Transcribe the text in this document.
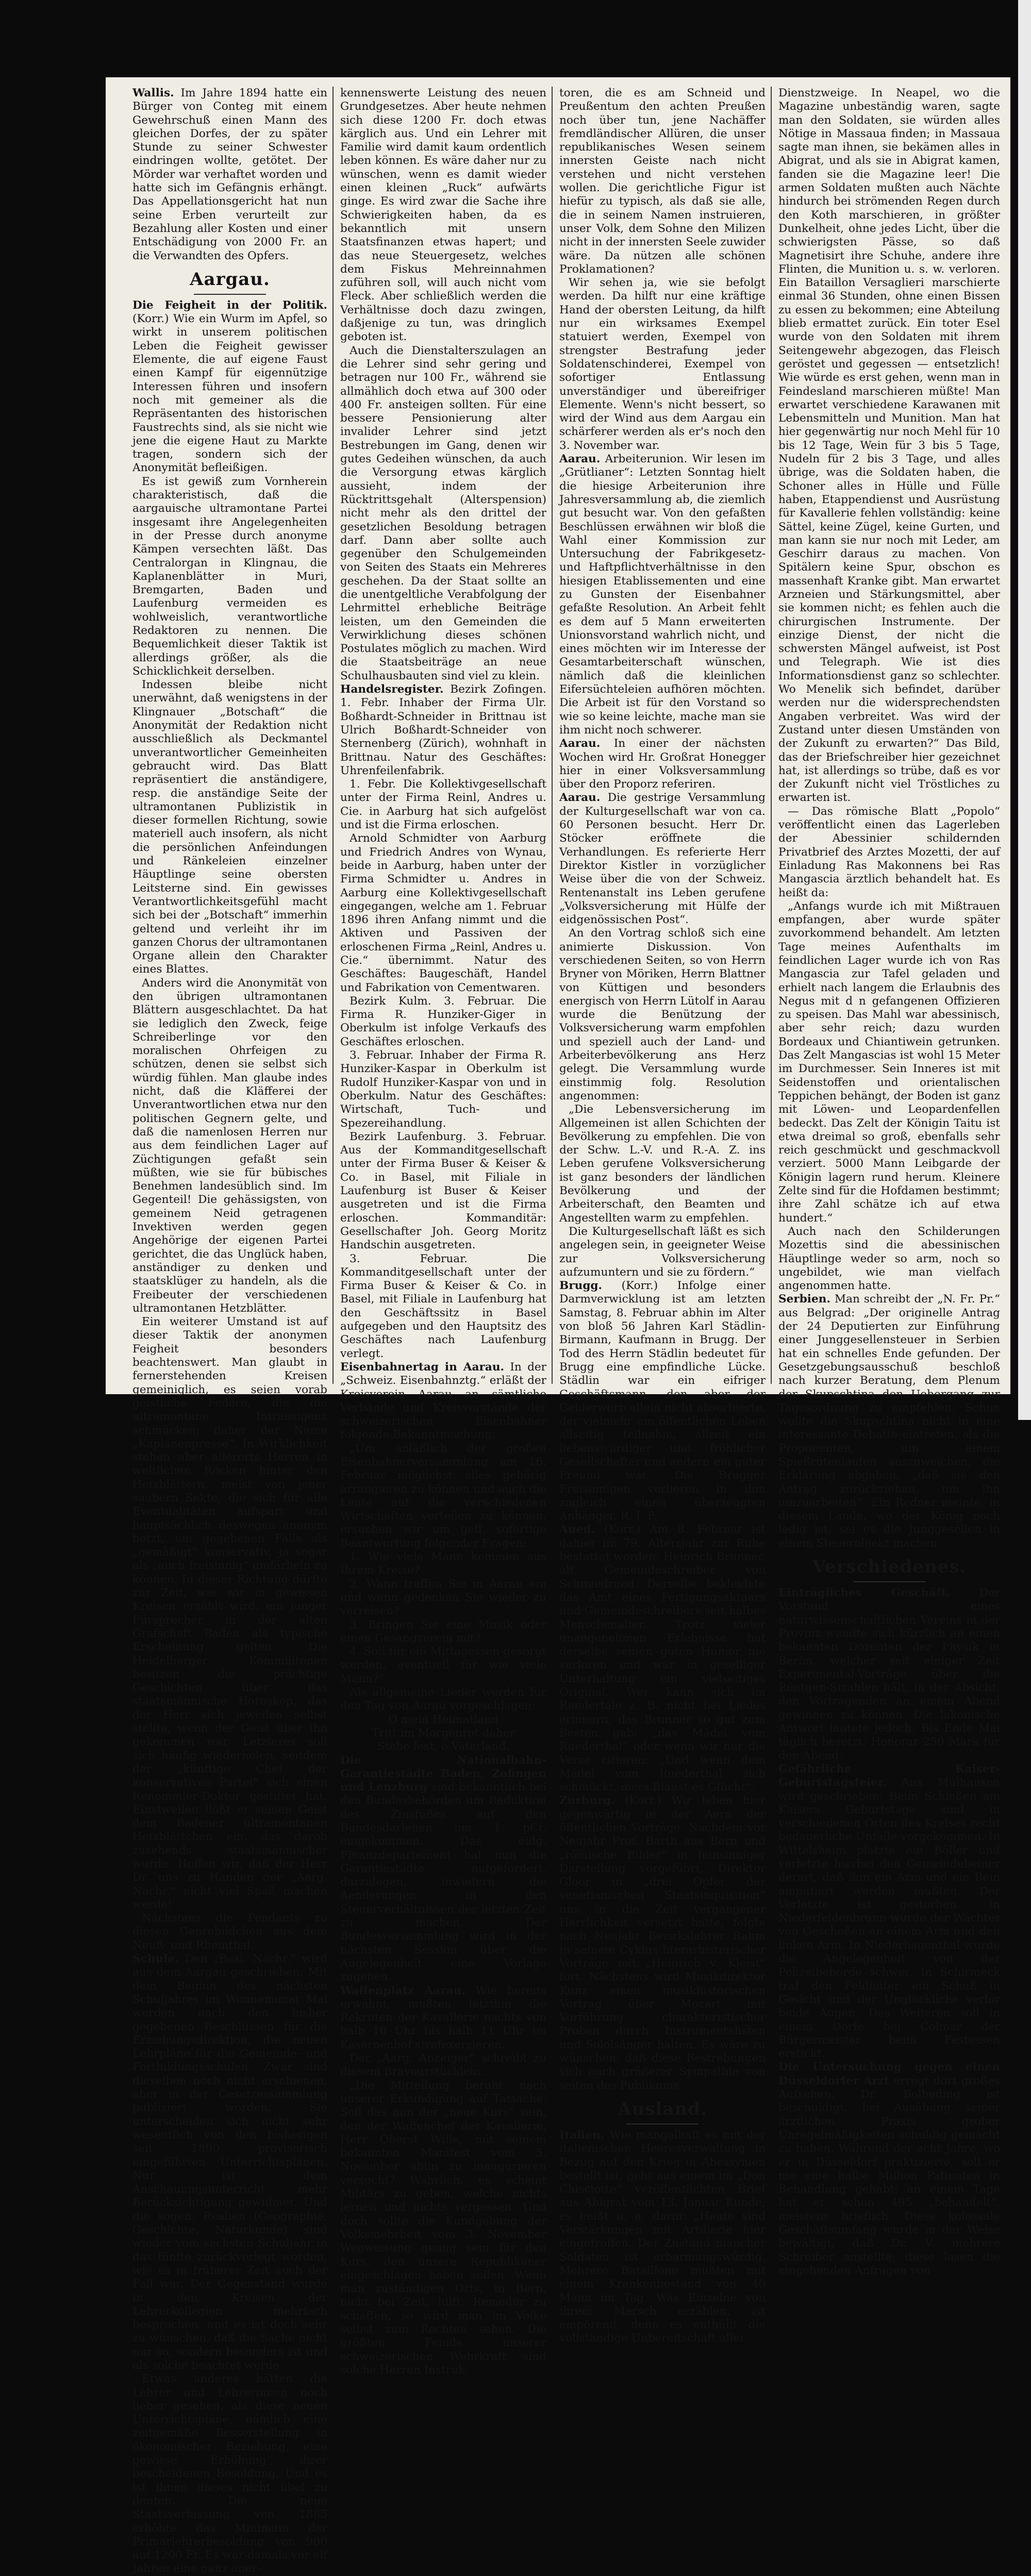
Wallis. Im Jahre 1894 hatte ein Bürger von Conteg mit einem Gewehrschuß einen Mann des gleichen Dorfes, der zu später Stunde zu seiner Schwester eindringen wollte, getötet. Der Mörder war verhaftet worden und hatte sich im Gefängnis erhängt. Das Appellationsgericht hat nun seine Erben verurteilt zur Bezahlung aller Kosten und einer Entschädigung von 2000 Fr. an die Verwandten des Opfers.

Aargau.

Die Feigheit in der Politik. (Korr.) Wie ein Wurm im Apfel, so wirkt in unserem politischen Leben die Feigheit gewisser Elemente, die auf eigene Faust einen Kampf für eigennützige Interessen führen und insofern noch mit gemeiner als die Repräsentanten des historischen Faustrechts sind, als sie nicht wie jene die eigene Haut zu Markte tragen, sondern sich der Anonymität befleißigen.

Es ist gewiß zum Vornherein charakteristisch, daß die aargauische ultramontane Partei insgesamt ihre Angelegenheiten in der Presse durch anonyme Kämpen versechten läßt. Das Centralorgan in Klingnau, die Kaplanenblätter in Muri, Bremgarten, Baden und Laufenburg vermeiden es wohlweislich, verantwortliche Redaktoren zu nennen. Die Bequemlichkeit dieser Taktik ist allerdings größer, als die Schicklichkeit derselben.

Indessen bleibe nicht unerwähnt, daß wenigstens in der Klingnauer „Botschaft“ die Anonymität der Redaktion nicht ausschließlich als Deckmantel unverantwortlicher Gemeinheiten gebraucht wird. Das Blatt repräsentiert die anständigere, resp. die anständige Seite der ultramontanen Publizistik in dieser formellen Richtung, sowie materiell auch insofern, als nicht die persönlichen Anfeindungen und Ränkeleien einzelner Häuptlinge seine obersten Leitsterne sind. Ein gewisses Verantwortlichkeitsgefühl macht sich bei der „Botschaft“ immerhin geltend und verleiht ihr im ganzen Chorus der ultramontanen Organe allein den Charakter eines Blattes.

Anders wird die Anonymität von den übrigen ultramontanen Blättern ausgeschlachtet. Da hat sie lediglich den Zweck, feige Schreiberlinge vor den moralischen Ohrfeigen zu schützen, denen sie selbst sich würdig fühlen. Man glaube indes nicht, daß die Kläfferei der Unverantwortlichen etwa nur den politischen Gegnern gelte, und daß die namenlosen Herren nur aus dem feindlichen Lager auf Züchtigungen gefaßt sein müßten, wie sie für bübisches Benehmen landesüblich sind. Im Gegenteil! Die gehässigsten, von gemeinem Neid getragenen Invektiven werden gegen Angehörige der eigenen Partei gerichtet, die das Unglück haben, anständiger zu denken und staatsklüger zu handeln, als die Freibeuter der verschiedenen ultramontanen Hetzblätter.

Ein weiterer Umstand ist auf dieser Taktik der anonymen Feigheit besonders beachtenswert. Man glaubt in fernerstehenden Kreisen gemeiniglich, es seien vorab geistliche Federn, die die ultramontane Intransigenz schmücken; daher der Name „Kaplanenpresse“. In Wirklichkeit stehen aber allerorts Herren in weltlichen Röcken hinter den Hetzblättern, meist von jener saubern Sekte, die sich für alle Eventualitäten aufspart und hauptsächlich deswegen anonym hetzt, um gegebenen Falls als „gemäßigt“ konservativ, ja sogar als „auch freisinnig“ umfärbeln zu können. In dieser Richtung dürfte zur Zeit, wie wir in gewissen Kreisen erzählt wird, ein junger Fürsprecher in der alten Grafschaft Baden als typische Erscheinung gelten. Die Heidelberger Kommilitonen besitzen die prächtige Geschichten über das staatsmännische Horoskop, das der Herr sich jeweilen selbst stellte, wenn der Geist über ihn gekommen war. Letzteres soll sich häufig wiederholen, seitdem der „künftige Chef der konservativen Partei“ sich einen Renommier-Doktor gestiftet hat. Einstweilen flößt er seinen Geist dem Badener ultramontanen Hetzblättchen ein, das darob zusehends staatsmännischer wurde. Hoffen wir, daß der Herr Dr. uns zu Handen der „Aarg. Nachr.“ nicht viel Spaß machen werde!

Nächstens die Pendants zu diesen Genrebildchen aus dem Neuß- und Rheinthal.

Schule. Den „Basl. Nachr.“ wird aus dem Aargau geschrieben: Mit dem Beginn des nächsten Schuljahres im Wonnemonat Mai werden nach den bisher gegebenen Beschlüssen für die Erziehungsdirektion, die neuen Lehrpläne für die Gemeinde- und Fortbildungsschulen. Zwar sind dieselben noch nicht erschienen, aber in der Gesetzessammlung publiziert worden. Sie unterscheiden sich nicht sehr wesentlich von den bisherigen seit 1890 provisorisch eingeführten Unterrichtsplänen. Nur ist dem Anschauungsunterricht mehr Berücksichtigung gewidmet. Und die sogen. Realien (Geographie, Geschichte, Naturkunde) sind wieder vom sechsten Schuljahr in das fünfte zurückverlegt worden, wie es in früherer Zeit auch der Fall war. Der Gegenstand wurde in den Kreisen der Lehrerkollegien mehrfach besprochen, und es ist doch sehr zu wünschen, daß die Sache nicht nur so, sondern besonders ist und als solche beachtet werde.

Etwas anderes hätten die Lehrer und Lehrerinnen noch lieber gesehen, als diese neuen Unterrichtspläne, nämlich eine zeitgemäße Besserstellung in ökonomischer Beziehung, eine gewisse Erhöhung ihrer bescheidenen Besoldung. Und es ist ihnen dieses nicht übel zu deuten. Die neue Staatsverfassung von 1885 erhöhte das Minimum der Primarlehrerbesoldung von 900 auf 1200 Fr. Es war damals vor elf Jahren eine ganz aner-

kennenswerte Leistung des neuen Grundgesetzes. Aber heute nehmen sich diese 1200 Fr. doch etwas kärglich aus. Und ein Lehrer mit Familie wird damit kaum ordentlich leben können. Es wäre daher nur zu wünschen, wenn es damit wieder einen kleinen „Ruck“ aufwärts ginge. Es wird zwar die Sache ihre Schwierigkeiten haben, da es bekanntlich mit unsern Staatsfinanzen etwas hapert; und das neue Steuergesetz, welches dem Fiskus Mehreinnahmen zuführen soll, will auch nicht vom Fleck. Aber schließlich werden die Verhältnisse doch dazu zwingen, daßjenige zu tun, was dringlich geboten ist.

Auch die Dienstalterszulagen an die Lehrer sind sehr gering und betragen nur 100 Fr., während sie allmählich doch etwa auf 300 oder 400 Fr. ansteigen sollten. Für eine bessere Pensionierung alter invalider Lehrer sind jetzt Bestrebungen im Gang, denen wir gutes Gedeihen wünschen, da auch die Versorgung etwas kärglich aussieht, indem der Rücktrittsgehalt (Alterspension) nicht mehr als den drittel der gesetzlichen Besoldung betragen darf. Dann aber sollte auch gegenüber den Schulgemeinden von Seiten des Staats ein Mehreres geschehen. Da der Staat sollte an die unentgeltliche Verabfolgung der Lehrmittel erhebliche Beiträge leisten, um den Gemeinden die Verwirklichung dieses schönen Postulates möglich zu machen. Wird die Staatsbeiträge an neue Schulhausbauten sind viel zu klein.

Handelsregister. Bezirk Zofingen. 1. Febr. Inhaber der Firma Ulr. Boßhardt-Schneider in Brittnau ist Ulrich Boßhardt-Schneider von Sternenberg (Zürich), wohnhaft in Brittnau. Natur des Geschäftes: Uhrenfeilenfabrik.

1. Febr. Die Kollektivgesellschaft unter der Firma Reinl, Andres u. Cie. in Aarburg hat sich aufgelöst und ist die Firma erloschen.

Arnold Schmidter von Aarburg und Friedrich Andres von Wynau, beide in Aarburg, haben unter der Firma Schmidter u. Andres in Aarburg eine Kollektivgesellschaft eingegangen, welche am 1. Februar 1896 ihren Anfang nimmt und die Aktiven und Passiven der erloschenen Firma „Reinl, Andres u. Cie.“ übernimmt. Natur des Geschäftes: Baugeschäft, Handel und Fabrikation von Cementwaren.

Bezirk Kulm. 3. Februar. Die Firma R. Hunziker-Giger in Oberkulm ist infolge Verkaufs des Geschäftes erloschen.

3. Februar. Inhaber der Firma R. Hunziker-Kaspar in Oberkulm ist Rudolf Hunziker-Kaspar von und in Oberkulm. Natur des Geschäftes: Wirtschaft, Tuch- und Spezereihandlung.

Bezirk Laufenburg. 3. Februar. Aus der Kommanditgesellschaft unter der Firma Buser & Keiser & Co. in Basel, mit Filiale in Laufenburg ist Buser & Keiser ausgetreten und ist die Firma erloschen. Kommanditär: Gesellschafter Joh. Georg Moritz Handschin ausgetreten.

3. Februar. Die Kommanditgesellschaft unter der Firma Buser & Keiser & Co. in Basel, mit Filiale in Laufenburg hat den Geschäftssitz in Basel aufgegeben und den Hauptsitz des Geschäftes nach Laufenburg verlegt.

Eisenbahnertag in Aarau. In der „Schweiz. Eisenbahnztg.“ erläßt der Kreisverein Aarau an sämtliche Verbände und Kreisvorstände der schweizerischen Eisenbahner folgende Bekanntmachung:

„Um anläßlich der großen Eisenbahnerversammlung am 16. Februar möglichst alles gehörig arrangieren zu können und auch die Leute auf die verschiedenen Wirtschaften verteilen zu können, ersuchen wir um gefl. sofortige Beantwortung folgender Fragen:

1. Wie viele Mann kommen aus Ihrem Kreise?

2. Wann treffen Sie in Aarau ein und wann gedenken Sie wieder zu verreisen?

3. Bringen Sie eine Musik oder einen Gesangverein mit?

4. Soll für ein Mittagessen gesorgt werden, eventuell für wie viele Mann?“

Als allgemeine Lieder werden für den Tag von Aarau vorgeschlagen:

O mein Heimatland

Tritt im Morgenrot daher

Stehe fest, o Vaterland.

Die Nationalbahn-Garantiestädte Baden, Zofingen und Lenzburg sind bekanntlich bei den Bundesbehörden um Reduktion des Zinsfußes auf den Bundesdarlehen um 1 pCt. eingekommen. Das eidg. Finanzdepartement hat nun die Garantiestädte aufgefordert, darzulegen, inwiefern die Aenderungen in den Steuerverhältnissen der letzten Zeit zu machen. Der Bundesversammlung wird in der nächsten Session über die Angelegenheit eine Vorlage zugehen.

Waffenplatz Aarau. Wie bereits erwähnt, mußten letzthin die Rekruten der Kavallerie nachts von halb 10 Uhr bis halb 11 Uhr im Kasernenhof strafexerzieren.

Der „Aarg. Anzeiger“ schreibt zu diesem Bravourstücklein:

„Die Mitteilung beruht nach unserer Erkundigung auf Tatsache. Soll das nun der „neue Kurs“ sein, den der Waffenchef der Kavallerie, Herr Oberst Wille, mit seinem bekannten Manifest vom 5. November ablin zu inaugurieren versucht? Wahrlich, es scheint Militärs zu geben, welche nichts lernen und nichts vergessen. Und doch sollte die Kundgebung der Volksmehrheit vom 3. November Wegweisung genug sein für den Kurs, den unsere Republikaner eingeschlagen haben sollen. Wenn man zuständigen Orts, in Bern, nicht bei Zeit, hilft, Remedur zu schaffen, so wird man im Volke selbst zum Rechten sehen. Die größten Feinde unserer schweizerischen Wehrkraft sind solche Herren Instruk-

toren, die es am Schneid und Preußentum den achten Preußen noch über tun, jene Nachäffer fremdländischer Allüren, die unser republikanisches Wesen seinem innersten Geiste nach nicht verstehen und nicht verstehen wollen. Die gerichtliche Figur ist hiefür zu typisch, als daß sie alle, die in seinem Namen instruieren, unser Volk, dem Sohne den Milizen nicht in der innersten Seele zuwider wäre. Da nützen alle schönen Proklamationen?

Wir sehen ja, wie sie befolgt werden. Da hilft nur eine kräftige Hand der obersten Leitung, da hilft nur ein wirksames Exempel statuiert werden, Exempel von strengster Bestrafung jeder Soldatenschinderei, Exempel von sofortiger Entlassung unverständiger und übereifriger Elemente. Wenn's nicht bessert, so wird der Wind aus dem Aargau ein schärferer werden als er's noch den 3. November war.

Aarau. Arbeiterunion. Wir lesen im „Grütlianer“: Letzten Sonntag hielt die hiesige Arbeiterunion ihre Jahresversammlung ab, die ziemlich gut besucht war. Von den gefaßten Beschlüssen erwähnen wir bloß die Wahl einer Kommission zur Untersuchung der Fabrikgesetz- und Haftpflichtverhältnisse in den hiesigen Etablissementen und eine zu Gunsten der Eisenbahner gefaßte Resolution. An Arbeit fehlt es dem auf 5 Mann erweiterten Unionsvorstand wahrlich nicht, und eines möchten wir im Interesse der Gesamtarbeiterschaft wünschen, nämlich daß die kleinlichen Eifersüchteleien aufhören möchten. Die Arbeit ist für den Vorstand so wie so keine leichte, mache man sie ihm nicht noch schwerer.

Aarau. In einer der nächsten Wochen wird Hr. Großrat Honegger hier in einer Volksversammlung über den Proporz referiren.

Aarau. Die gestrige Versammlung der Kulturgesellschaft war von ca. 60 Personen besucht. Herr Dr. Stöcker eröffnete die Verhandlungen. Es referierte Herr Direktor Kistler in vorzüglicher Weise über die von der Schweiz. Rentenanstalt ins Leben gerufene „Volksversicherung mit Hülfe der eidgenössischen Post“.

An den Vortrag schloß sich eine animierte Diskussion. Von verschiedenen Seiten, so von Herrn Bryner von Möriken, Herrn Blattner von Küttigen und besonders energisch von Herrn Lütolf in Aarau wurde die Benützung der Volksversicherung warm empfohlen und speziell auch der Land- und Arbeiterbevölkerung ans Herz gelegt. Die Versammlung wurde einstimmig folg. Resolution angenommen:

„Die Lebensversicherung im Allgemeinen ist allen Schichten der Bevölkerung zu empfehlen. Die von der Schw. L.-V. und R.-A. Z. ins Leben gerufene Volksversicherung ist ganz besonders der ländlichen Bevölkerung und der Arbeiterschaft, den Beamten und Angestellten warm zu empfehlen.

Die Kulturgesellschaft läßt es sich angelegen sein, in geeigneter Weise zur Volksversicherung aufzumuntern und sie zu fördern.“

Brugg. (Korr.) Infolge einer Darmverwicklung ist am letzten Samstag, 8. Februar abhin im Alter von bloß 56 Jahren Karl Städlin-Birmann, Kaufmann in Brugg. Der Tod des Herrn Städlin bedeutet für Brugg eine empfindliche Lücke. Städlin war ein eifriger Geschäftsmann, den aber der Gelderwerb allein nicht absorbierte, der vielmehr am öffentlichen Leben allseitig teilnahm, allzeit ein liebenswürdiger und fröhlicher Gesellschafter und andern ein guter Freund war. Die Brugger Freisinnigen verlieren in ihm zugleich einen überzeugten Anhänger. R. I. P.

Aued. (Korr.) Am 8. Februar ist dahier im 79. Altersjahr zur Ruhe bestattet worden: Heinrich Brunner, alt Gemeindeschreiber von Schmiedrued. Derselbe bekleidete das Amt eines Fertigungsaktuars und Gemeindeschreibers seit halbes Menschenalter. Trotz vieler unangenehmen Erlebnisse hat derselbe seinen guten Humor nie verloren und war in geselliger Unterhaltung ein vielseitiges Original. Wer kann sich im Ruedertale z. B. nicht bei Liedes erinnern, das Brunner so gut zum Besten gab: „das Mädel vom Ruederthal“ oder wenn wir nur die Verse citieren: „Und wenn dein Mädel vom Ruederthal sich schmückt, mers Blaust es Gfücht“.

Zurburg. (Korr.) Wir leben hier gegenwärtig in der Aera der öffentlichen Vorträge. Nachdem vor Neujahr Prof. Barth aus Bern und „römische Bilder“ in feinsinniger Darstellung vorgeführt, Direktor Gloor in „drei Opfer der venetianischen Staatsinquisition“ uns in die Zeit vergangener Herrlichkeit versetzt hatte, folgte nach Neujahr Bezirkslehrer Rahm in seinem Cyklus literarhistorischer Vorträge mit „Heinrich v. Kleist“ fort. Nächstens wird Musikdirektor Kunz einen musikhistorischen Vortrag über Mozart mit Vorführung charakteristischer Proben durch Instrumentalisten und Sololsänger halten. Es wäre zu wünschen, daß diese Bestrebungen sich auch größerer Sympathie von seiten des Publikums.

Ausland.

Italien. Wie mangelhaft es mit der italienischen Heeresverwaltung in Bezug auf den Krieg in Abessynien bestellt ist, geht aus einem im „Don Chisciotte“ veröffentlichten Brief aus Abigrat vom 13. Januar Kunde; es heißt u. a. darin: „Heute sind Verstärkungen mit Artillerie hier eingetroffen. Der Zustand mancher Soldaten ist erbarmungswürdig. Mehrere Bataillone mußten mit einem Krankenbestand von 40 Mann im Tag. Was Einzelne von ihrem Marsch erzählen, ist empörend, denn es enthüllt die vollständige Unbereitschaft aller

Dienstzweige. In Neapel, wo die Magazine unbeständig waren, sagte man den Soldaten, sie würden alles Nötige in Massaua finden; in Massaua sagte man ihnen, sie bekämen alles in Abigrat, und als sie in Abigrat kamen, fanden sie die Magazine leer! Die armen Soldaten mußten auch Nächte hindurch bei strömenden Regen durch den Koth marschieren, in größter Dunkelheit, ohne jedes Licht, über die schwierigsten Pässe, so daß Magnetisirt ihre Schuhe, andere ihre Flinten, die Munition u. s. w. verloren. Ein Bataillon Versaglieri marschierte einmal 36 Stunden, ohne einen Bissen zu essen zu bekommen; eine Abteilung blieb ermattet zurück. Ein toter Esel wurde von den Soldaten mit ihrem Seitengewehr abgezogen, das Fleisch geröstet und gegessen — entsetzlich! Wie würde es erst gehen, wenn man in Feindesland marschieren müßte! Man erwartet verschiedene Karawanen mit Lebensmitteln und Munition. Man hat hier gegenwärtig nur noch Mehl für 10 bis 12 Tage, Wein für 3 bis 5 Tage, Nudeln für 2 bis 3 Tage, und alles übrige, was die Soldaten haben, die Schoner alles in Hülle und Fülle haben, Etappendienst und Ausrüstung für Kavallerie fehlen vollständig: keine Sättel, keine Zügel, keine Gurten, und man kann sie nur noch mit Leder, am Geschirr daraus zu machen. Von Spitälern keine Spur, obschon es massenhaft Kranke gibt. Man erwartet Arzneien und Stärkungsmittel, aber sie kommen nicht; es fehlen auch die chirurgischen Instrumente. Der einzige Dienst, der nicht die schwersten Mängel aufweist, ist Post und Telegraph. Wie ist dies Informationsdienst ganz so schlechter. Wo Menelik sich befindet, darüber werden nur die widersprechendsten Angaben verbreitet. Was wird der Zustand unter diesen Umständen von der Zukunft zu erwarten?“ Das Bild, das der Briefschreiber hier gezeichnet hat, ist allerdings so trübe, daß es vor der Zukunft nicht viel Tröstliches zu erwarten ist.

— Das römische Blatt „Popolo“ veröffentlicht einen das Lagerleben der Abessinier schildernden Privatbrief des Arztes Mozetti, der auf Einladung Ras Makonnens bei Ras Mangascia ärztlich behandelt hat. Es heißt da:

„Anfangs wurde ich mit Mißtrauen empfangen, aber wurde später zuvorkommend behandelt. Am letzten Tage meines Aufenthalts im feindlichen Lager wurde ich von Ras Mangascia zur Tafel geladen und erhielt nach langem die Erlaubnis des Negus mit d n gefangenen Offizieren zu speisen. Das Mahl war abessinisch, aber sehr reich; dazu wurden Bordeaux und Chiantiwein getrunken. Das Zelt Mangascias ist wohl 15 Meter im Durchmesser. Sein Inneres ist mit Seidenstoffen und orientalischen Teppichen behängt, der Boden ist ganz mit Löwen- und Leopardenfellen bedeckt. Das Zelt der Königin Taitu ist etwa dreimal so groß, ebenfalls sehr reich geschmückt und geschmackvoll verziert. 5000 Mann Leibgarde der Königin lagern rund herum. Kleinere Zelte sind für die Hofdamen bestimmt; ihre Zahl schätze ich auf etwa hundert.“

Auch nach den Schilderungen Mozettis sind die abessinischen Häuptlinge weder so arm, noch so ungebildet, wie man vielfach angenommen hatte.

Serbien. Man schreibt der „N. Fr. Pr.“ aus Belgrad: „Der originelle Antrag der 24 Deputierten zur Einführung einer Junggesellensteuer in Serbien hat ein schnelles Ende gefunden. Der Gesetzgebungsausschuß beschloß nach kurzer Beratung, dem Plenum der Skupschtina den Uebergang zur Tagesordnung zu empfehlen. Schon wollte die Skupschtina nicht in eine interessante Debatte eintreten, als die Proponenten, um einem Spießrutenlaufen auszuweichen, die Erklärung abgaben, „daß sie den Antrag zurückziehen, um ihn umzuarbeiten“. Ein Redner meinte, in diesem Lande, wo der König noch ledig ist, sei es die Junggesellen in einem Steuerobjekt machen.

Verschiedenes.

Einträgliches Geschäft.	Der Vorstand eines naturwissenschaftlichen Vereins in der Provinz wandte sich kürzlich an einen bekannten Dozenten der Physik in Berlin, welcher seit einiger Zeit Experimental-Vorträge über die Röntgen-Strahlen hält, in der Absicht, den Vortragenden an einem Abend gewinnen zu können. Die lakonische Antwort lautete jedoch: Bis Ende Mai täglich besetzt; Honorar 250 Mark für den Abend.

Gefährliche Kaiser-Geburtstagsfeier. Aus Mülhausen wird geschrieben: Beim Schießen am Kaisers Geburtstage sind in verschiedenen Orten des Kreises recht bedauerliche Unfälle vorgekommen. In Wittelsheim platzte ein Böller und verletzte hierbei den Gemeindebeiner derart, daß ihm ein Arm und ein Bein amputiert werden mußten. Der Verletzte ist gestorben. In Niederfeldenbrunn wurde der Wächter von Geschoßen an einem Arm und den linken Arm. In Niederhagenthal wurde die Angelegenheit von der Polizeibehörde schwer. In Schirmeck traf den Feldhüter ein Schuß in Gesicht und der Unglückliche verlor beide Augen. Des Weiteren soll in einem Dorfe bei Colmar der Bürgermeister beim Festessen erstickt.

Die Untersuchung gegen einen Düsseldorfer Arzt erregt dort großes Aufsehen. Dr. Bolbeding ist beschuldigt, bei Ausübung seiner ärztlichen Praxis grober Unregelmäßigkeiten schuldig gemacht zu haben. Während der acht Jahre, wo er in Düsseldorf praktizierte, soll er nie eine halbe Million Patienten in Behandlung gehabt; an einem Tage hat er schon 495 „behandelt“, meistens brieflich. Diese kolossale Geschäftsumfang wurde in der Weise bewältigt, daß Dr. V. mehrere Schreiber anstellte; diese lasen die eingehenden Anfragen von
